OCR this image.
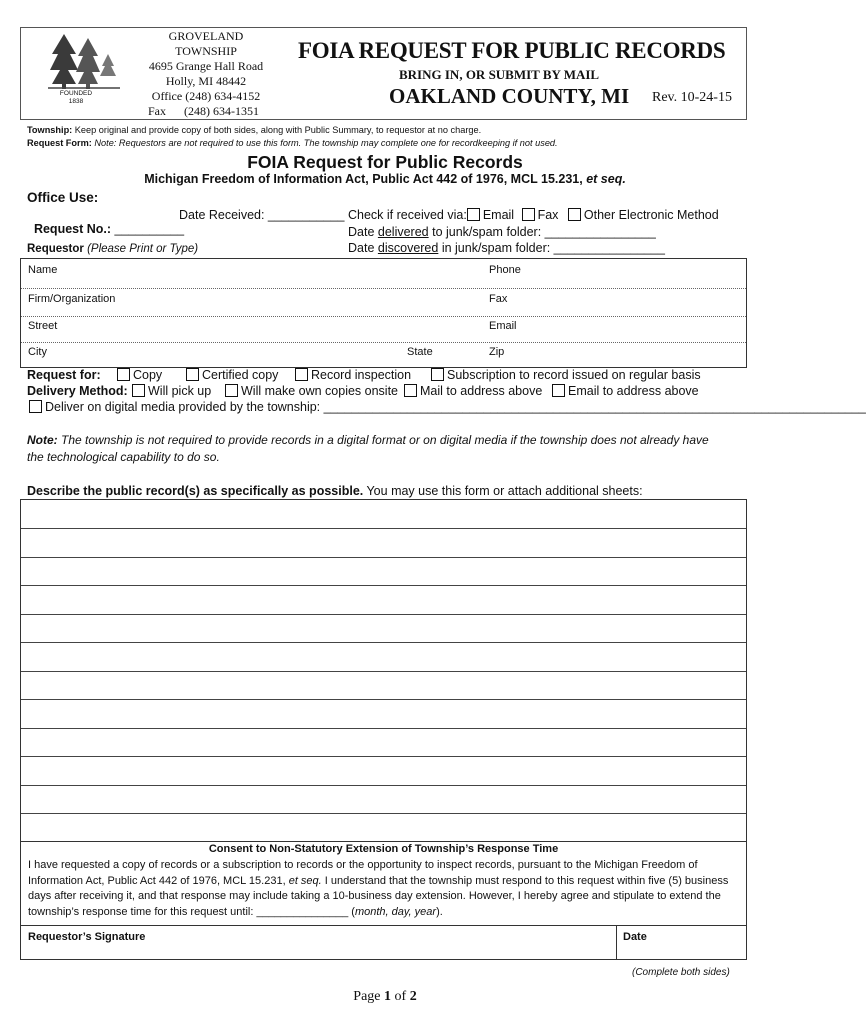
FOUNDED
1838
GROVELAND
TOWNSHIP
4695 Grange Hall Road
Holly, MI 48442
Office (248) 634-4152
Fax      (248) 634-1351
FOIA REQUEST FOR PUBLIC RECORDS
BRING IN, OR SUBMIT BY MAIL
OAKLAND COUNTY, MI Rev. 10-24-15
Township: Keep original and provide copy of both sides, along with Public Summary, to requestor at no charge.
Request Form: Note: Requestors are not required to use this form. The township may complete one for recordkeeping if not used.
FOIA Request for Public Records
Michigan Freedom of Information Act, Public Act 442 of 1976, MCL 15.231, et seq.
Office Use:

Request No.: __________

Date Received: ___________ Check if received via: Email Fax Other Electronic Method
Date delivered to junk/spam folder: ________________
Date discovered in junk/spam folder: ________________
Requestor (Please Print or Type)
Name	Phone
Firm/Organization	Fax
Street	Email
City	State	Zip
Request for:	Copy	Certified copy	Record inspection	Subscription to record issued on regular basis
Delivery Method:	Will pick up	Will make own copies onsite	Mail to address above	Email to address above
Deliver on digital media provided by the township: ______________________________________________________________________________
Note: The township is not required to provide records in a digital format or on digital media if the township does not already have the technological capability to do so.
Describe the public record(s) as specifically as possible. You may use this form or attach additional sheets:
Consent to Non-Statutory Extension of Township’s Response Time
I have requested a copy of records or a subscription to records or the opportunity to inspect records, pursuant to the Michigan Freedom of Information Act, Public Act 442 of 1976, MCL 15.231, et seq. I understand that the township must respond to this request within five (5) business days after receiving it, and that response may include taking a 10-business day extension. However, I hereby agree and stipulate to extend the township’s response time for this request until: _______________ (month, day, year).
Requestor’s Signature	Date
(Complete both sides)
Page 1 of 2
